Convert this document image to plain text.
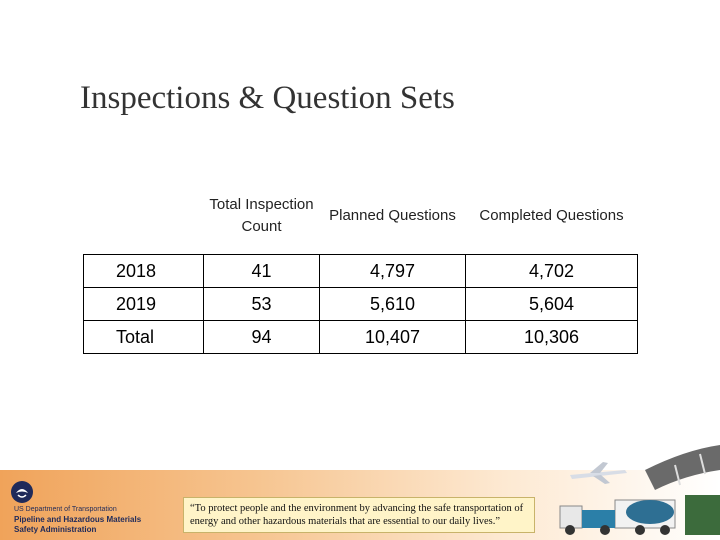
Inspections & Question Sets
	Total Inspection Count	Planned Questions	Completed Questions
2018	41	4,797	4,702
2019	53	5,610	5,604
Total	94	10,407	10,306
US Department of Transportation
Pipeline and Hazardous Materials
Safety Administration
“To protect people and the environment by advancing the safe transportation of energy and other hazardous materials that are essential to our daily lives.”
